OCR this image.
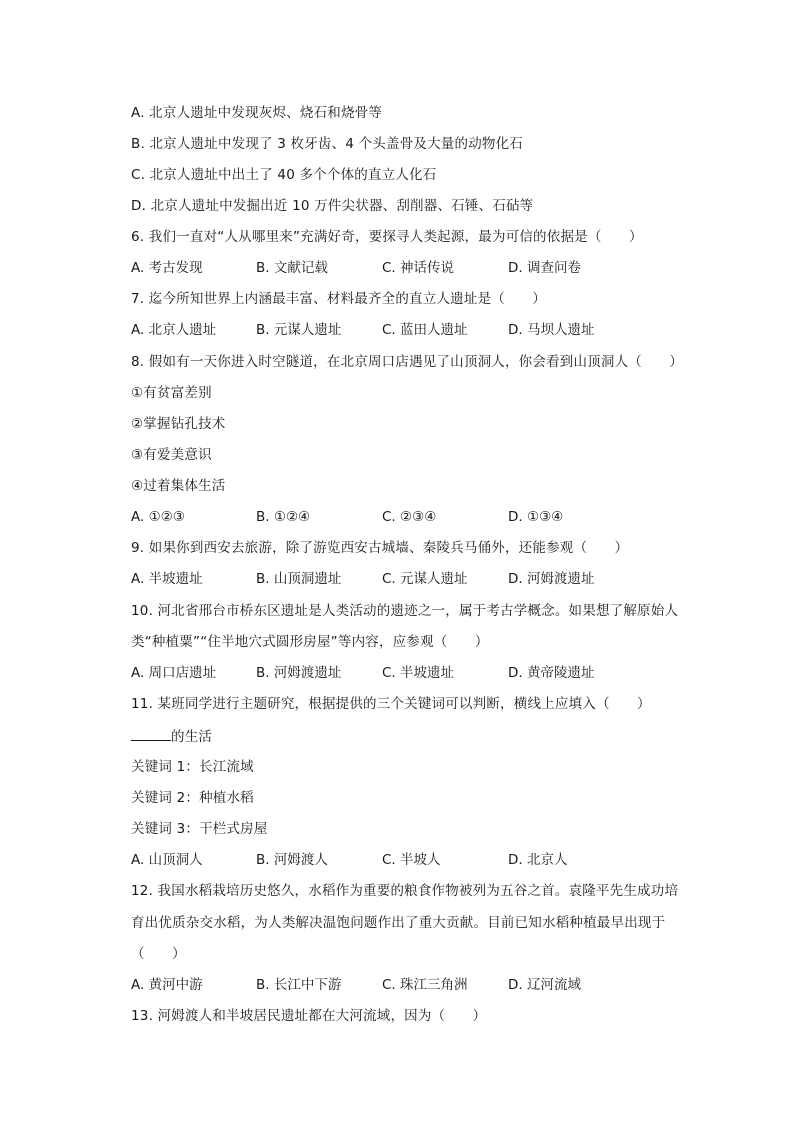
A. 北京人遗址中发现灰烬、烧石和烧骨等
B. 北京人遗址中发现了 3 枚牙齿、4 个头盖骨及大量的动物化石
C. 北京人遗址中出土了 40 多个个体的直立人化石
D. 北京人遗址中发掘出近 10 万件尖状器、刮削器、石锤、石砧等
6. 我们一直对“人从哪里来”充满好奇，要探寻人类起源，最为可信的依据是（　　）
A. 考古发现	B. 文献记载	C. 神话传说	D. 调查问卷
7. 迄今所知世界上内涵最丰富、材料最齐全的直立人遗址是（　　）
A. 北京人遗址	B. 元谋人遗址	C. 蓝田人遗址	D. 马坝人遗址
8. 假如有一天你进入时空隧道，在北京周口店遇见了山顶洞人，你会看到山顶洞人（　　）
①有贫富差别
②掌握钻孔技术
③有爱美意识
④过着集体生活
A. ①②③	B. ①②④	C. ②③④	D. ①③④
9. 如果你到西安去旅游，除了游览西安古城墙、秦陵兵马俑外，还能参观（　　）
A. 半坡遗址	B. 山顶洞遗址	C. 元谋人遗址	D. 河姆渡遗址
10. 河北省邢台市桥东区遗址是人类活动的遗迹之一，属于考古学概念。如果想了解原始人
类“种植粟”“住半地穴式圆形房屋”等内容，应参观（　　）
A. 周口店遗址	B. 河姆渡遗址	C. 半坡遗址	D. 黄帝陵遗址
11. 某班同学进行主题研究，根据提供的三个关键词可以判断，横线上应填入（　　）
的生活
关键词 1：长江流域
关键词 2：种植水稻
关键词 3：干栏式房屋
A. 山顶洞人	B. 河姆渡人	C. 半坡人	D. 北京人
12. 我国水稻栽培历史悠久，水稻作为重要的粮食作物被列为五谷之首。袁隆平先生成功培
育出优质杂交水稻，为人类解决温饱问题作出了重大贡献。目前已知水稻种植最早出现于
（　　）
A. 黄河中游	B. 长江中下游	C. 珠江三角洲	D. 辽河流域
13. 河姆渡人和半坡居民遗址都在大河流域，因为（　　）
